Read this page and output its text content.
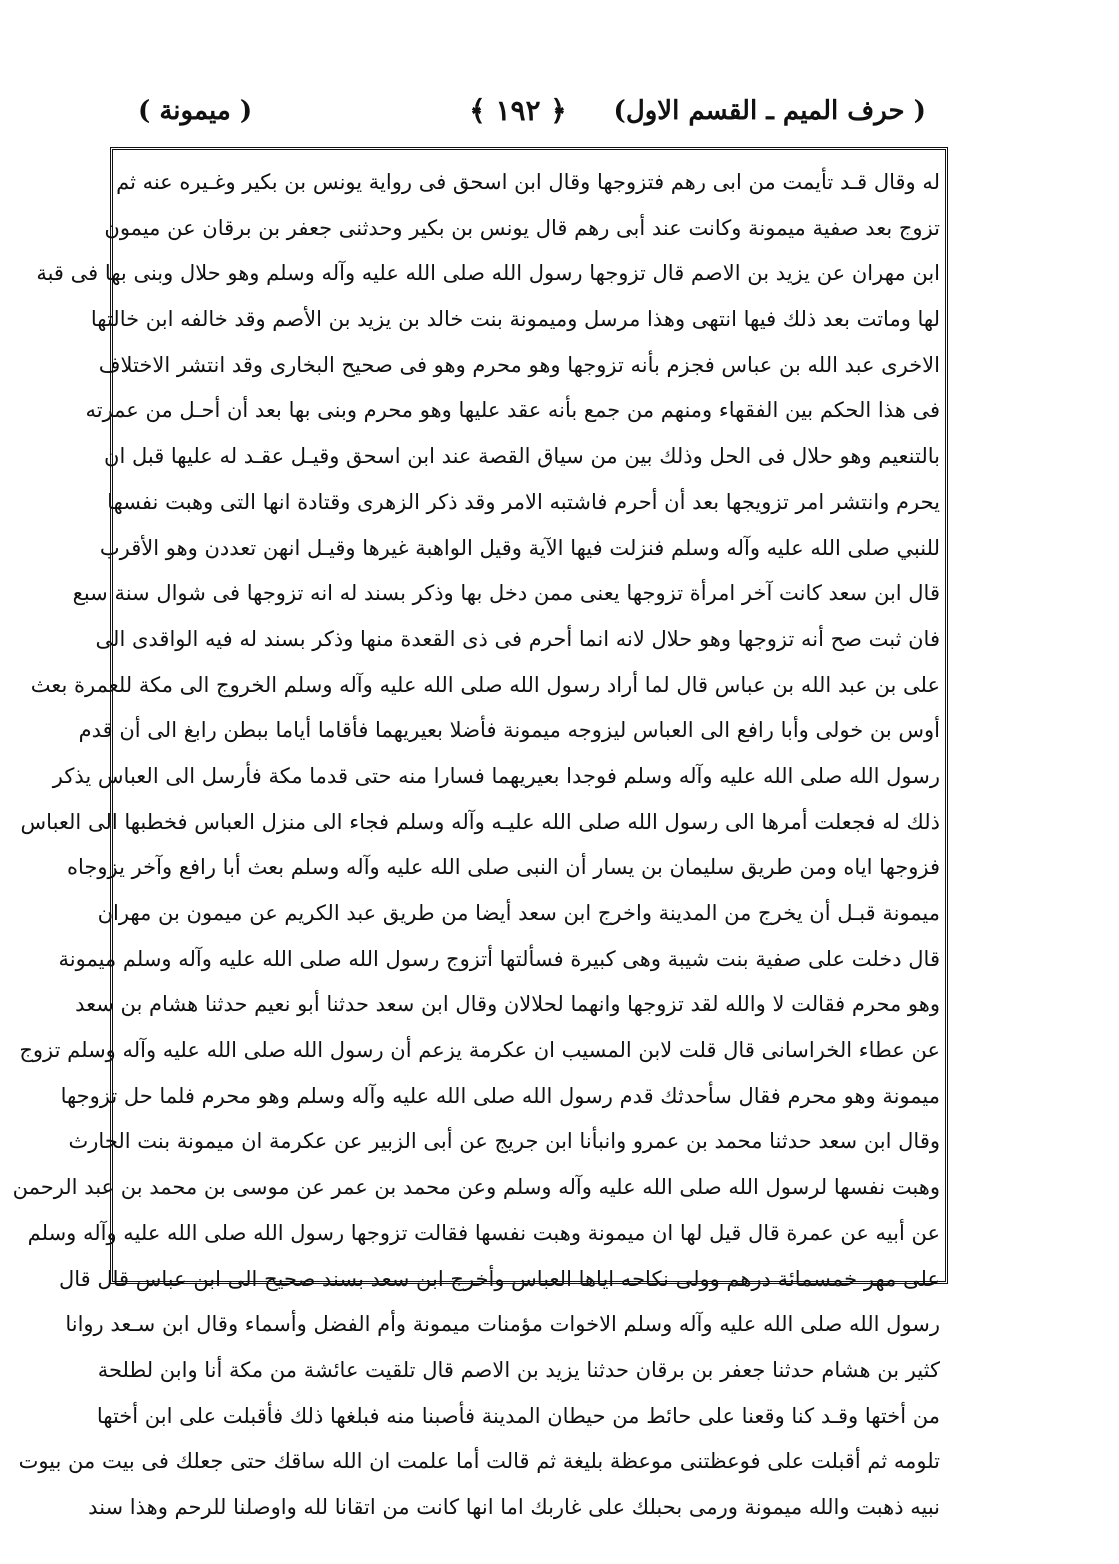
( حرف الميم ـ القسم الاول)
﴿ ١٩٢ ﴾
( ميمونة )
له وقال قـد تأيمت من ابى رهم فتزوجها وقال ابن اسحق فى رواية يونس بن بكير وغـيره عنه ثم
تزوج بعد صفية ميمونة وكانت عند أبى رهم قال يونس بن بكير وحدثنى جعفر بن برقان عن ميمون
ابن مهران عن يزيد بن الاصم قال تزوجها رسول الله صلى الله عليه وآله وسلم وهو حلال وبنى بها فى قبة
لها وماتت بعد ذلك فيها انتهى وهذا مرسل وميمونة بنت خالد بن يزيد بن الأصم وقد خالفه ابن خالتها
الاخرى عبد الله بن عباس فجزم بأنه تزوجها وهو محرم وهو فى صحيح البخارى وقد انتشر الاختلاف
فى هذا الحكم بين الفقهاء ومنهم من جمع بأنه عقد عليها وهو محرم وبنى بها بعد أن أحـل من عمرته
بالتنعيم وهو حلال فى الحل وذلك بين من سياق القصة عند ابن اسحق وقيـل عقـد له عليها قبل ان
يحرم وانتشر امر تزويجها بعد أن أحرم فاشتبه الامر وقد ذكر الزهرى وقتادة انها التى وهبت نفسها
للنبي صلى الله عليه وآله وسلم فنزلت فيها الآية وقيل الواهبة غيرها وقيـل انهن تعددن وهو الأقرب
قال ابن سعد كانت آخر امرأة تزوجها يعنى ممن دخل بها وذكر بسند له انه تزوجها فى شوال سنة سبع
فان ثبت صح أنه تزوجها وهو حلال لانه انما أحرم فى ذى القعدة منها وذكر بسند له فيه الواقدى الى
على بن عبد الله بن عباس قال لما أراد رسول الله صلى الله عليه وآله وسلم الخروج الى مكة للعمرة بعث
أوس بن خولى وأبا رافع الى العباس ليزوجه ميمونة فأضلا بعيريهما فأقاما أياما ببطن رابغ الى أن قدم
رسول الله صلى الله عليه وآله وسلم فوجدا بعيريهما فسارا منه حتى قدما مكة فأرسل الى العباس يذكر
ذلك له فجعلت أمرها الى رسول الله صلى الله عليـه وآله وسلم فجاء الى منزل العباس فخطبها الى العباس
فزوجها اياه ومن طريق سليمان بن يسار أن النبى صلى الله عليه وآله وسلم بعث أبا رافع وآخر يزوجاه
ميمونة قبـل أن يخرج من المدينة واخرج ابن سعد أيضا من طريق عبد الكريم عن ميمون بن مهران
قال دخلت على صفية بنت شيبة وهى كبيرة فسألتها أتزوج رسول الله صلى الله عليه وآله وسلم ميمونة
وهو محرم فقالت لا والله لقد تزوجها وانهما لحلالان وقال ابن سعد حدثنا أبو نعيم حدثنا هشام بن سعد
عن عطاء الخراسانى قال قلت لابن المسيب ان عكرمة يزعم أن رسول الله صلى الله عليه وآله وسلم تزوج
ميمونة وهو محرم فقال سأحدثك قدم رسول الله صلى الله عليه وآله وسلم وهو محرم فلما حل تزوجها
وقال ابن سعد حدثنا محمد بن عمرو وانبأنا ابن جريج عن أبى الزبير عن عكرمة ان ميمونة بنت الحارث
وهبت نفسها لرسول الله صلى الله عليه وآله وسلم وعن محمد بن عمر عن موسى بن محمد بن عبد الرحمن
عن أبيه عن عمرة قال قيل لها ان ميمونة وهبت نفسها فقالت تزوجها رسول الله صلى الله عليه وآله وسلم
على مهر خمسمائة درهم وولى نكاحه اياها العباس وأخرج ابن سعد بسند صحيح الى ابن عباس قال قال
رسول الله صلى الله عليه وآله وسلم الاخوات مؤمنات ميمونة وأم الفضل وأسماء وقال ابن سـعد روانا
كثير بن هشام حدثنا جعفر بن برقان حدثنا يزيد بن الاصم قال تلقيت عائشة من مكة أنا وابن لطلحة
من أختها وقـد كنا وقعنا على حائط من حيطان المدينة فأصبنا منه فبلغها ذلك فأقبلت على ابن أختها
تلومه ثم أقبلت على فوعظتنى موعظة بليغة ثم قالت أما علمت ان الله ساقك حتى جعلك فى بيت من بيوت
نبيه ذهبت والله ميمونة ورمى بحبلك على غاربك اما انها كانت من اتقانا لله واوصلنا للرحم وهذا سند
